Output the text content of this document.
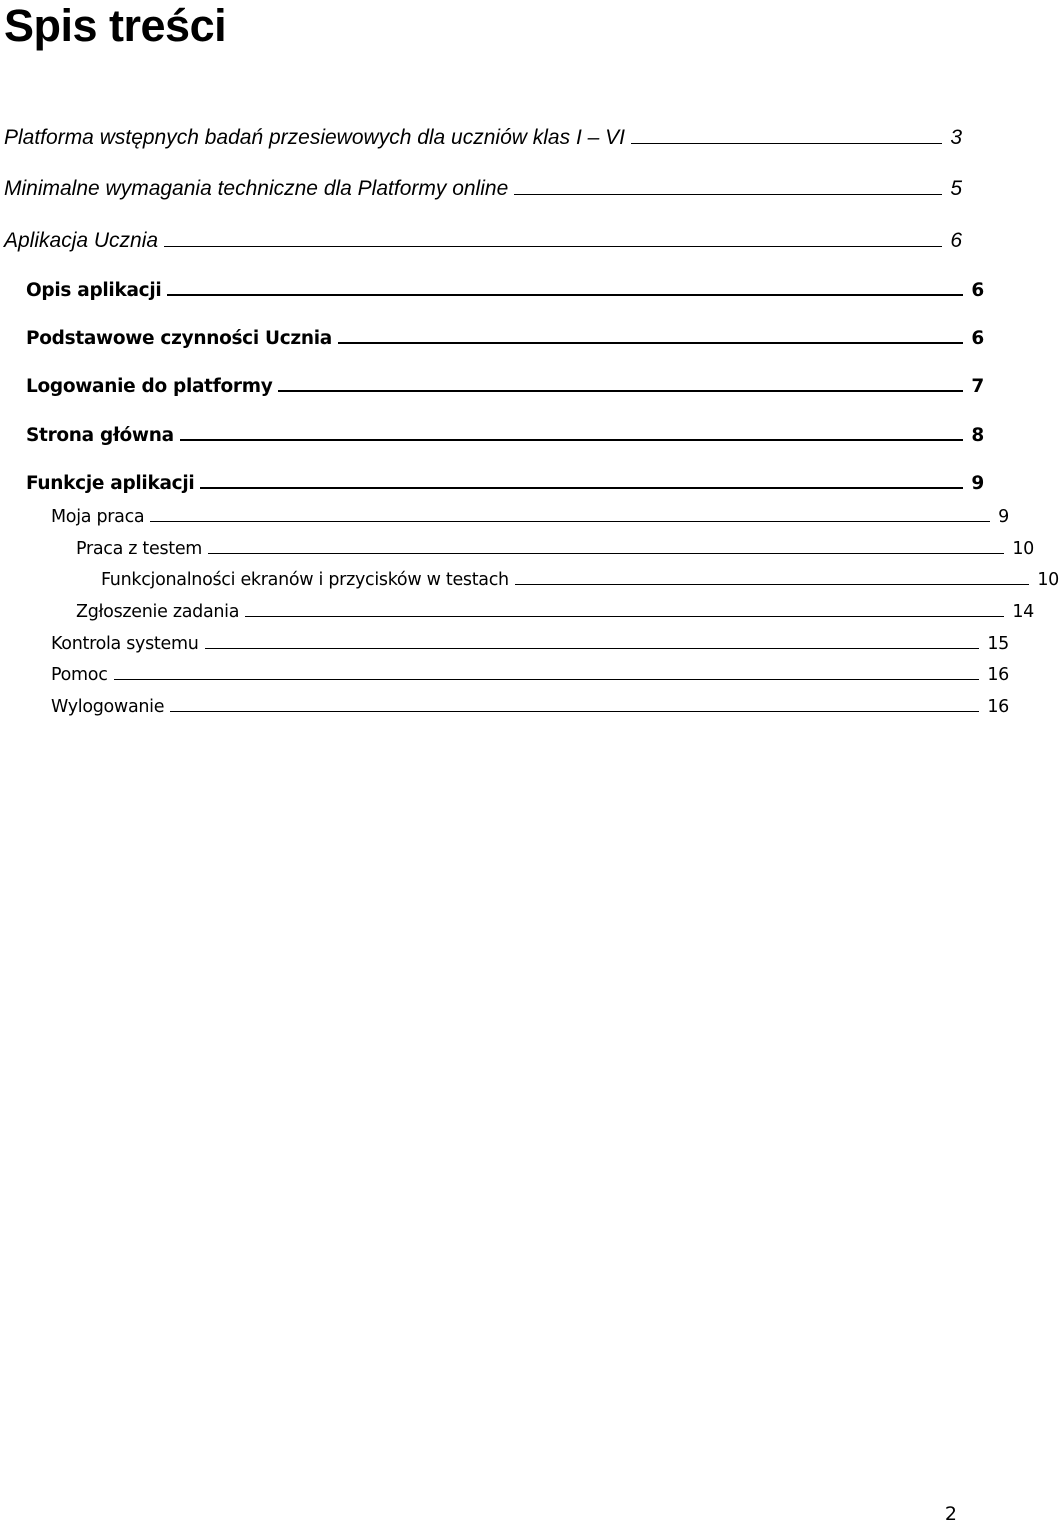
Spis treści
Platforma wstępnych badań przesiewowych dla uczniów klas I – VI	3
Minimalne wymagania techniczne dla Platformy online	5
Aplikacja Ucznia	6
Opis aplikacji	6
Podstawowe czynności Ucznia	6
Logowanie do platformy	7
Strona główna	8
Funkcje aplikacji	9
Moja praca	9
Praca z testem	10
Funkcjonalności ekranów i przycisków w testach	10
Zgłoszenie zadania	14
Kontrola systemu	15
Pomoc	16
Wylogowanie	16
2
